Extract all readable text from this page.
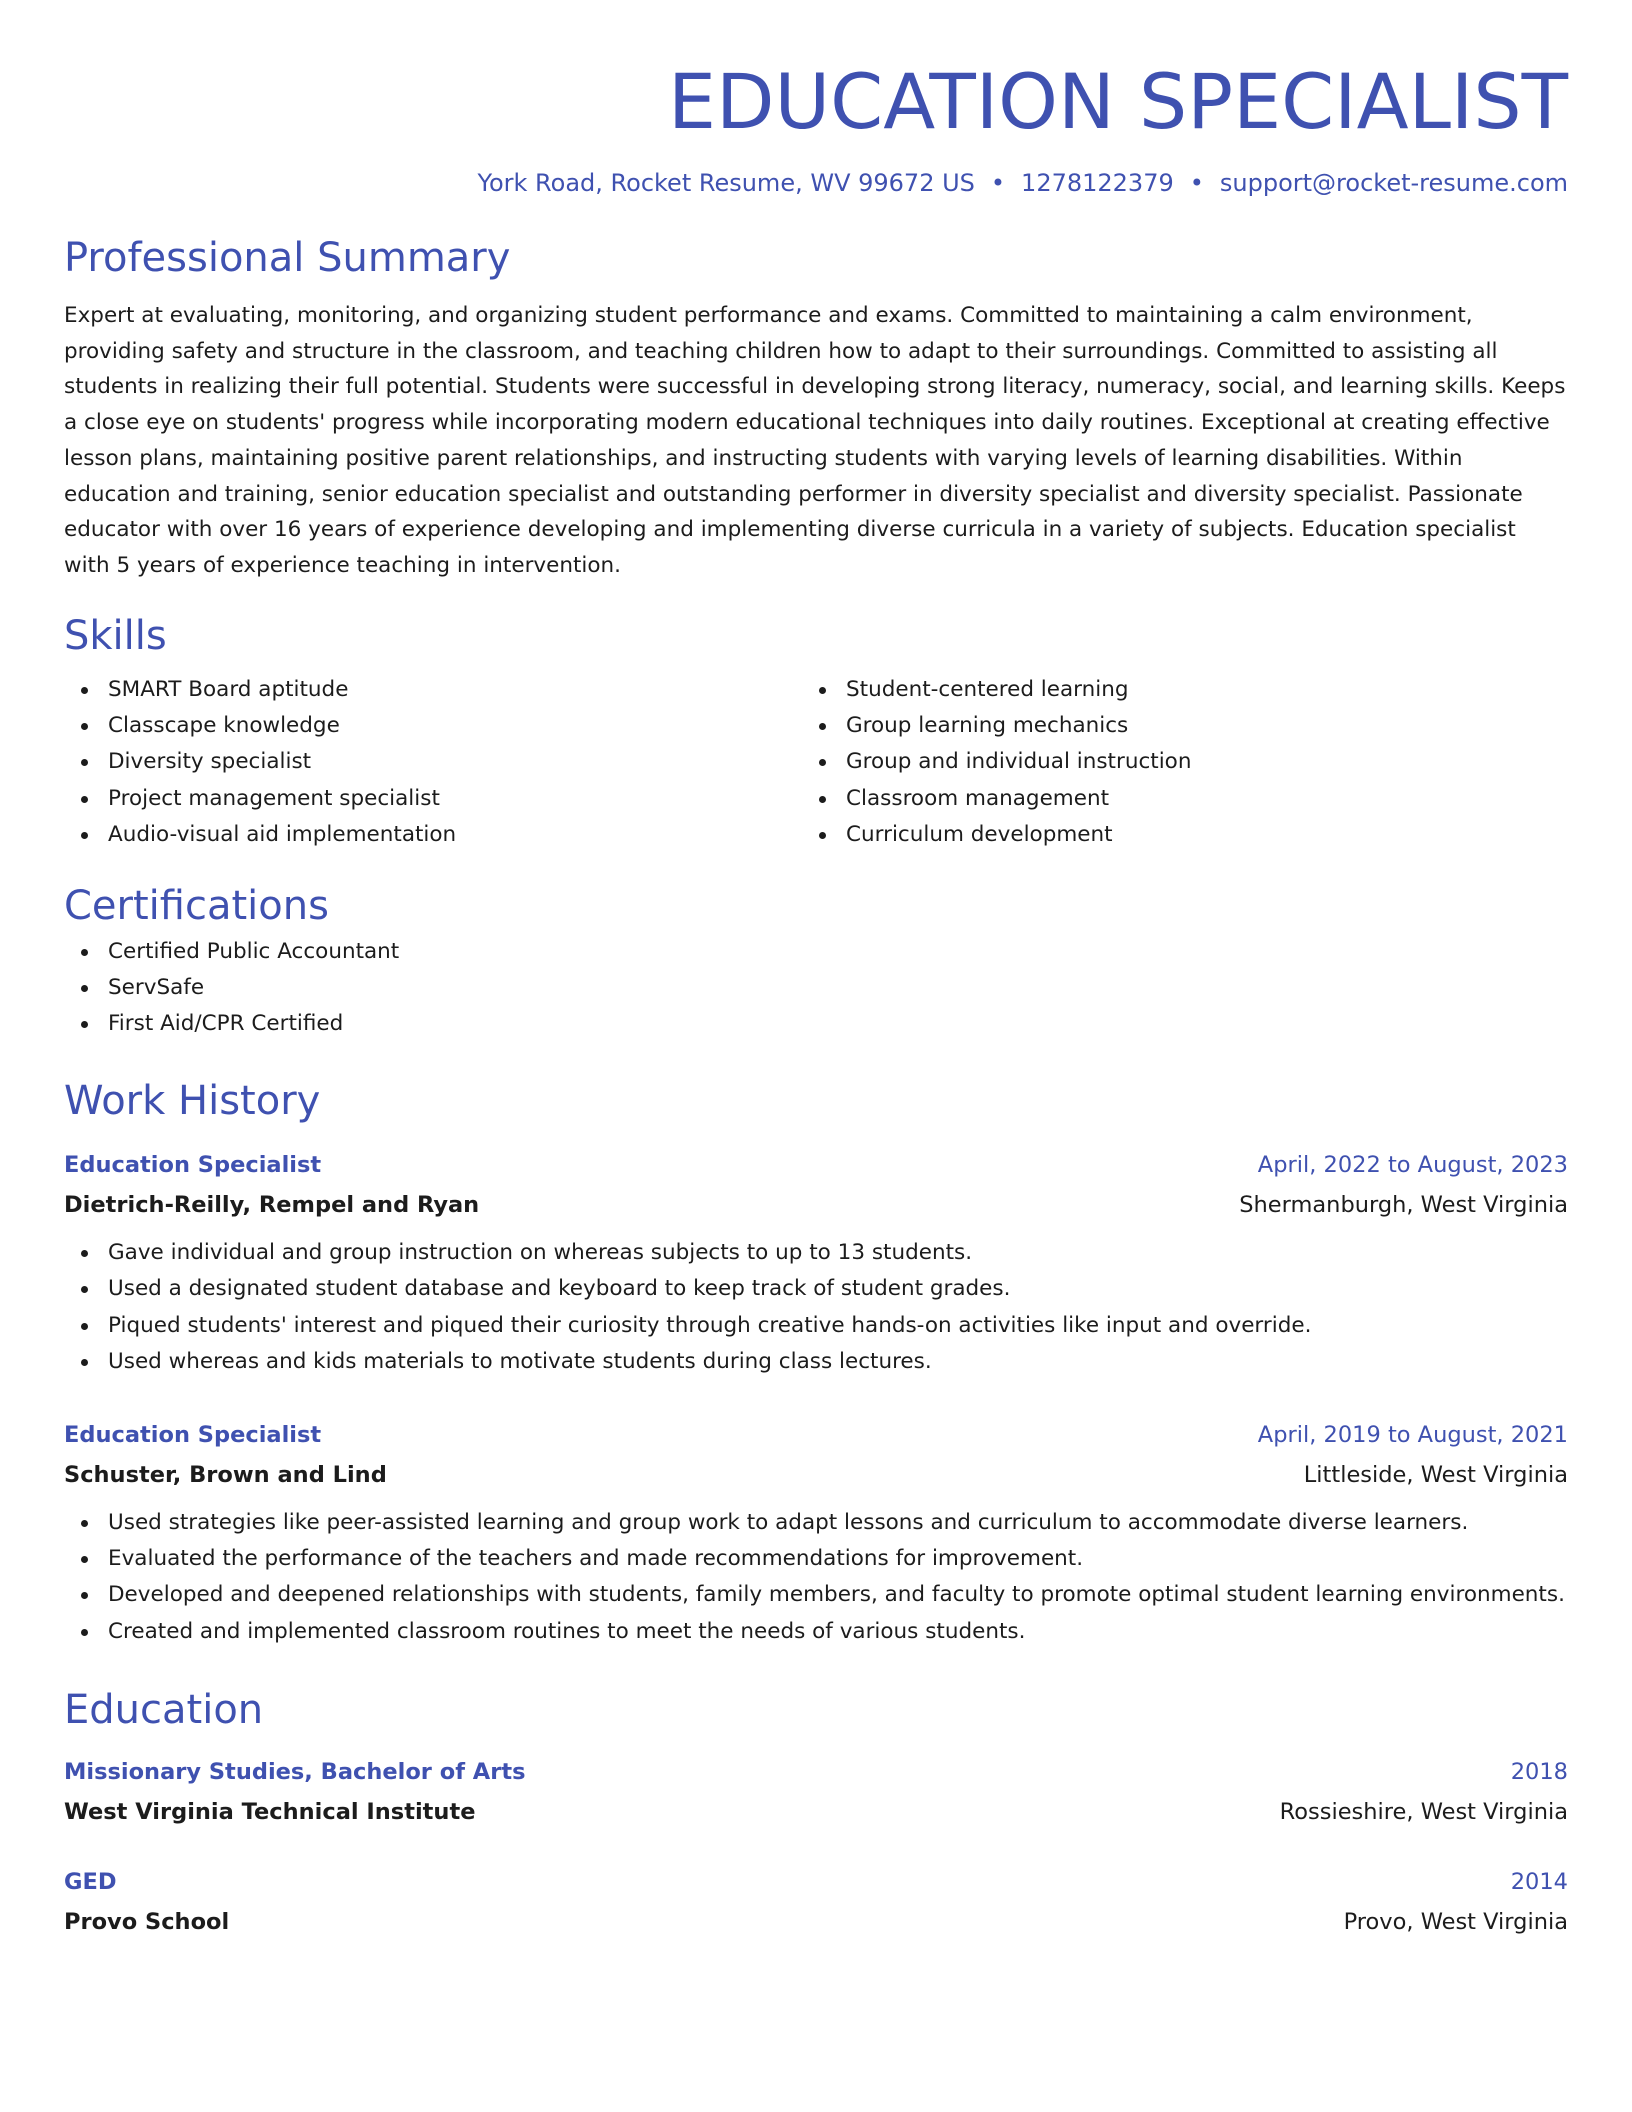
EDUCATION SPECIALIST
York Road, Rocket Resume, WV 99672 US • 1278122379 • support@rocket-resume.com
Professional Summary

Expert at evaluating, monitoring, and organizing student performance and exams. Committed to maintaining a calm environment, providing safety and structure in the classroom, and teaching children how to adapt to their surroundings. Committed to assisting all students in realizing their full potential. Students were successful in developing strong literacy, numeracy, social, and learning skills. Keeps a close eye on students' progress while incorporating modern educational techniques into daily routines. Exceptional at creating effective lesson plans, maintaining positive parent relationships, and instructing students with varying levels of learning disabilities. Within education and training, senior education specialist and outstanding performer in diversity specialist and diversity specialist. Passionate educator with over 16 years of experience developing and implementing diverse curricula in a variety of subjects. Education specialist with 5 years of experience teaching in intervention.

Skills
SMART Board aptitude
Classcape knowledge
Diversity specialist
Project management specialist
Audio-visual aid implementation
Student-centered learning
Group learning mechanics
Group and individual instruction
Classroom management
Curriculum development
Certifications
Certified Public Accountant
ServSafe
First Aid/CPR Certified
Work History
Education Specialist	April, 2022 to August, 2023
Dietrich-Reilly, Rempel and Ryan	Shermanburgh, West Virginia
Gave individual and group instruction on whereas subjects to up to 13 students.
Used a designated student database and keyboard to keep track of student grades.
Piqued students' interest and piqued their curiosity through creative hands-on activities like input and override.
Used whereas and kids materials to motivate students during class lectures.
Education Specialist	April, 2019 to August, 2021
Schuster, Brown and Lind	Littleside, West Virginia
Used strategies like peer-assisted learning and group work to adapt lessons and curriculum to accommodate diverse learners.
Evaluated the performance of the teachers and made recommendations for improvement.
Developed and deepened relationships with students, family members, and faculty to promote optimal student learning environments.
Created and implemented classroom routines to meet the needs of various students.
Education
Missionary Studies, Bachelor of Arts	2018
West Virginia Technical Institute	Rossieshire, West Virginia
GED	2014
Provo School	Provo, West Virginia
